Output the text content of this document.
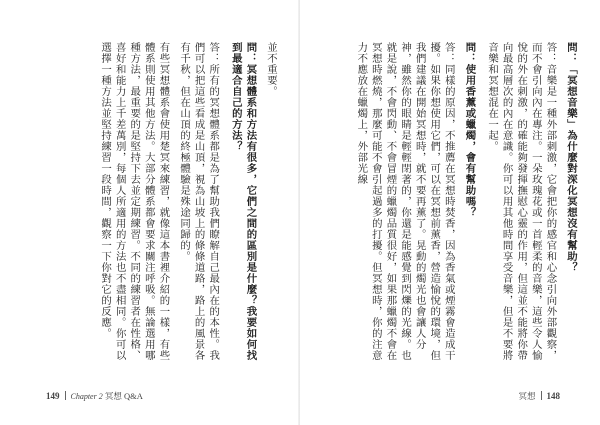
並不重要。

問：冥想體系和方法有很多，它們之間的區別是什麼？我要如何找到最適合自己的方法？

答：所有的冥想體系都是為了幫助我們瞭解自己最內在的本性。我們可以把這些看成是山頂，視為山坡上的條條道路，路上的風景各有千秋，但在山頂的終極體驗是殊途同歸的。

有些冥想體系會使用楚冥來練習，就像這本書裡介紹的一樣，有些體系則使用其他方法。大部分體系都會要求關注呼吸。無論選用哪種方法，最重要的是堅持下去並定期練習。不同的練習者在性格、喜好和能力上千差萬別，每個人所適用的方法也不盡相同。你可以選擇一種方法並堅持練習一段時間，觀察一下你對它的反應。

149 Chapter 2 冥想 Q&A

問：「冥想音樂」為什麼對深化冥想沒有幫助？

答：音樂是一種外部刺激，它會把你的感官和心念引向外部觀察，而不會引向內在專注。一朵玫瑰花或一首輕柔的音樂，這些令人愉悅的外在刺激，的確能夠發揮撫慰心靈的作用，但這並不能將你帶向最高層次的內在意識。你可以用其他時間享受音樂，但是不要將音樂和冥想混在一起。

問：使用香薰或蠟燭，會有幫助嗎？

答：同樣的原因，不推薦在冥想時焚香，因為香氣或煙霧會造成干擾。如果你想使用它們，可以在冥想前薰香，營造愉悅的環境，但我們建議在開始冥想時，就不要再薰了。晃動的燭光也會讓人分神，雖然你的眼睛是輕輕閉著的，你還是能感覺到閃爍的光線。也就是說，不會閃動、不會冒煙的蠟燭品質很好，如果那蠟燭不會在冥想時燃燒，那麼可能不會引起過多的打擾。但冥想時，你的注意力不應放在蠟燭上，外部光線

冥想 148
